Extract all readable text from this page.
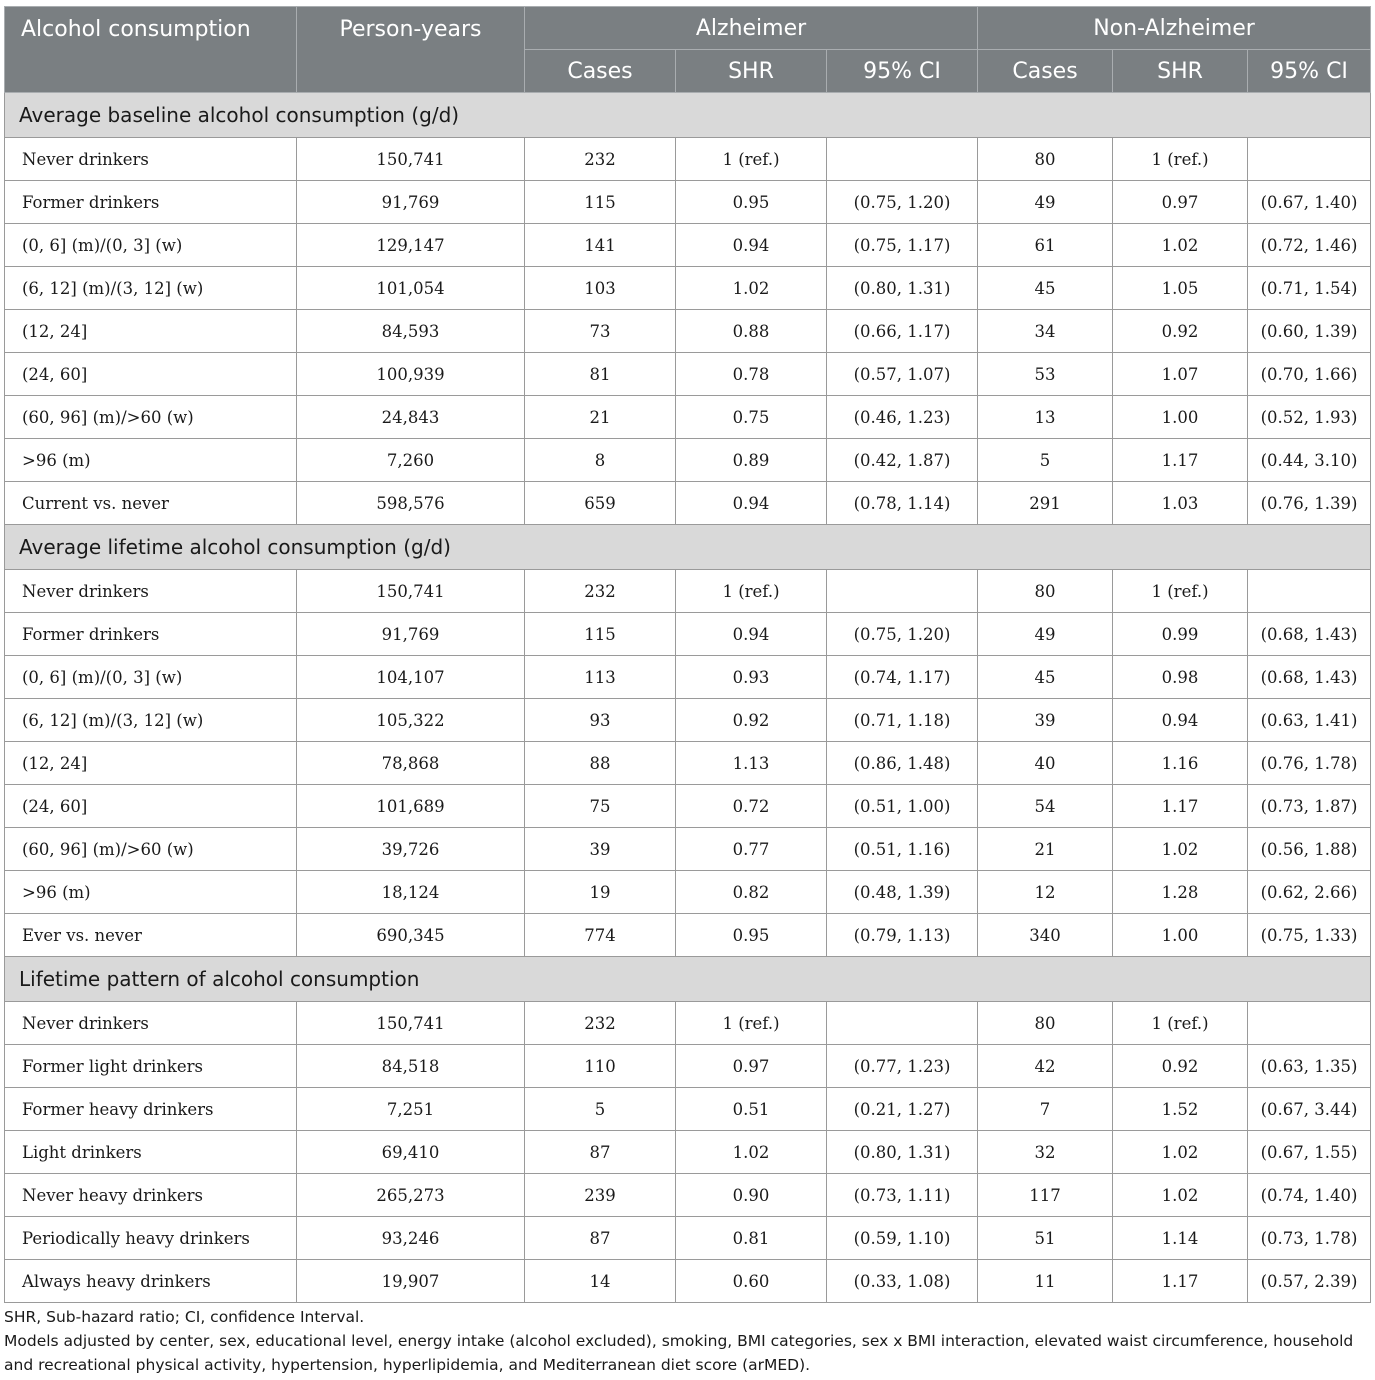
Alcohol consumption	Person-years	Alzheimer			Non-Alzheimer		
		Cases	SHR	95% CI	Cases	SHR	95% CI
Average baseline alcohol consumption (g/d)							
Never drinkers	150,741	232	1 (ref.)		80	1 (ref.)	
Former drinkers	91,769	115	0.95	(0.75, 1.20)	49	0.97	(0.67, 1.40)
(0, 6] (m)/(0, 3] (w)	129,147	141	0.94	(0.75, 1.17)	61	1.02	(0.72, 1.46)
(6, 12] (m)/(3, 12] (w)	101,054	103	1.02	(0.80, 1.31)	45	1.05	(0.71, 1.54)
(12, 24]	84,593	73	0.88	(0.66, 1.17)	34	0.92	(0.60, 1.39)
(24, 60]	100,939	81	0.78	(0.57, 1.07)	53	1.07	(0.70, 1.66)
(60, 96] (m)/>60 (w)	24,843	21	0.75	(0.46, 1.23)	13	1.00	(0.52, 1.93)
>96 (m)	7,260	8	0.89	(0.42, 1.87)	5	1.17	(0.44, 3.10)
Current vs. never	598,576	659	0.94	(0.78, 1.14)	291	1.03	(0.76, 1.39)
Average lifetime alcohol consumption (g/d)							
Never drinkers	150,741	232	1 (ref.)		80	1 (ref.)	
Former drinkers	91,769	115	0.94	(0.75, 1.20)	49	0.99	(0.68, 1.43)
(0, 6] (m)/(0, 3] (w)	104,107	113	0.93	(0.74, 1.17)	45	0.98	(0.68, 1.43)
(6, 12] (m)/(3, 12] (w)	105,322	93	0.92	(0.71, 1.18)	39	0.94	(0.63, 1.41)
(12, 24]	78,868	88	1.13	(0.86, 1.48)	40	1.16	(0.76, 1.78)
(24, 60]	101,689	75	0.72	(0.51, 1.00)	54	1.17	(0.73, 1.87)
(60, 96] (m)/>60 (w)	39,726	39	0.77	(0.51, 1.16)	21	1.02	(0.56, 1.88)
>96 (m)	18,124	19	0.82	(0.48, 1.39)	12	1.28	(0.62, 2.66)
Ever vs. never	690,345	774	0.95	(0.79, 1.13)	340	1.00	(0.75, 1.33)
Lifetime pattern of alcohol consumption							
Never drinkers	150,741	232	1 (ref.)		80	1 (ref.)	
Former light drinkers	84,518	110	0.97	(0.77, 1.23)	42	0.92	(0.63, 1.35)
Former heavy drinkers	7,251	5	0.51	(0.21, 1.27)	7	1.52	(0.67, 3.44)
Light drinkers	69,410	87	1.02	(0.80, 1.31)	32	1.02	(0.67, 1.55)
Never heavy drinkers	265,273	239	0.90	(0.73, 1.11)	117	1.02	(0.74, 1.40)
Periodically heavy drinkers	93,246	87	0.81	(0.59, 1.10)	51	1.14	(0.73, 1.78)
Always heavy drinkers	19,907	14	0.60	(0.33, 1.08)	11	1.17	(0.57, 2.39)

SHR, Sub-hazard ratio; CI, confidence Interval.

Models adjusted by center, sex, educational level, energy intake (alcohol excluded), smoking, BMI categories, sex x BMI interaction, elevated waist circumference, household and recreational physical activity, hypertension, hyperlipidemia, and Mediterranean diet score (arMED).
